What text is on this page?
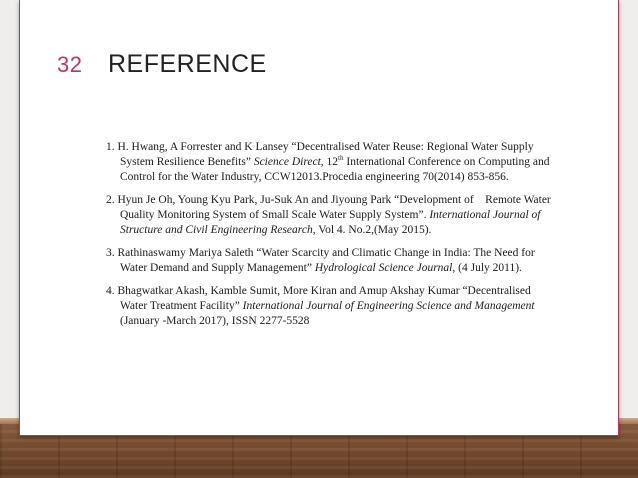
32 REFERENCE
1. H. Hwang, A Forrester and K Lansey “Decentralised Water Reuse: Regional Water Supply System Resilience Benefits” Science Direct, 12th International Conference on Computing and Control for the Water Industry, CCW12013.Procedia engineering 70(2014) 853-856.
2. Hyun Je Oh, Young Kyu Park, Ju-Suk An and Jiyoung Park “Development of    Remote Water Quality Monitoring System of Small Scale Water Supply System”. International Journal of Structure and Civil Engineering Research, Vol 4. No.2,(May 2015).
3. Rathinaswamy Mariya Saleth “Water Scarcity and Climatic Change in India: The Need for Water Demand and Supply Management” Hydrological Science Journal, (4 July 2011).
4. Bhagwatkar Akash, Kamble Sumit, More Kiran and Amup Akshay Kumar “Decentralised Water Treatment Facility” International Journal of Engineering Science and Management (January -March 2017), ISSN 2277-5528
